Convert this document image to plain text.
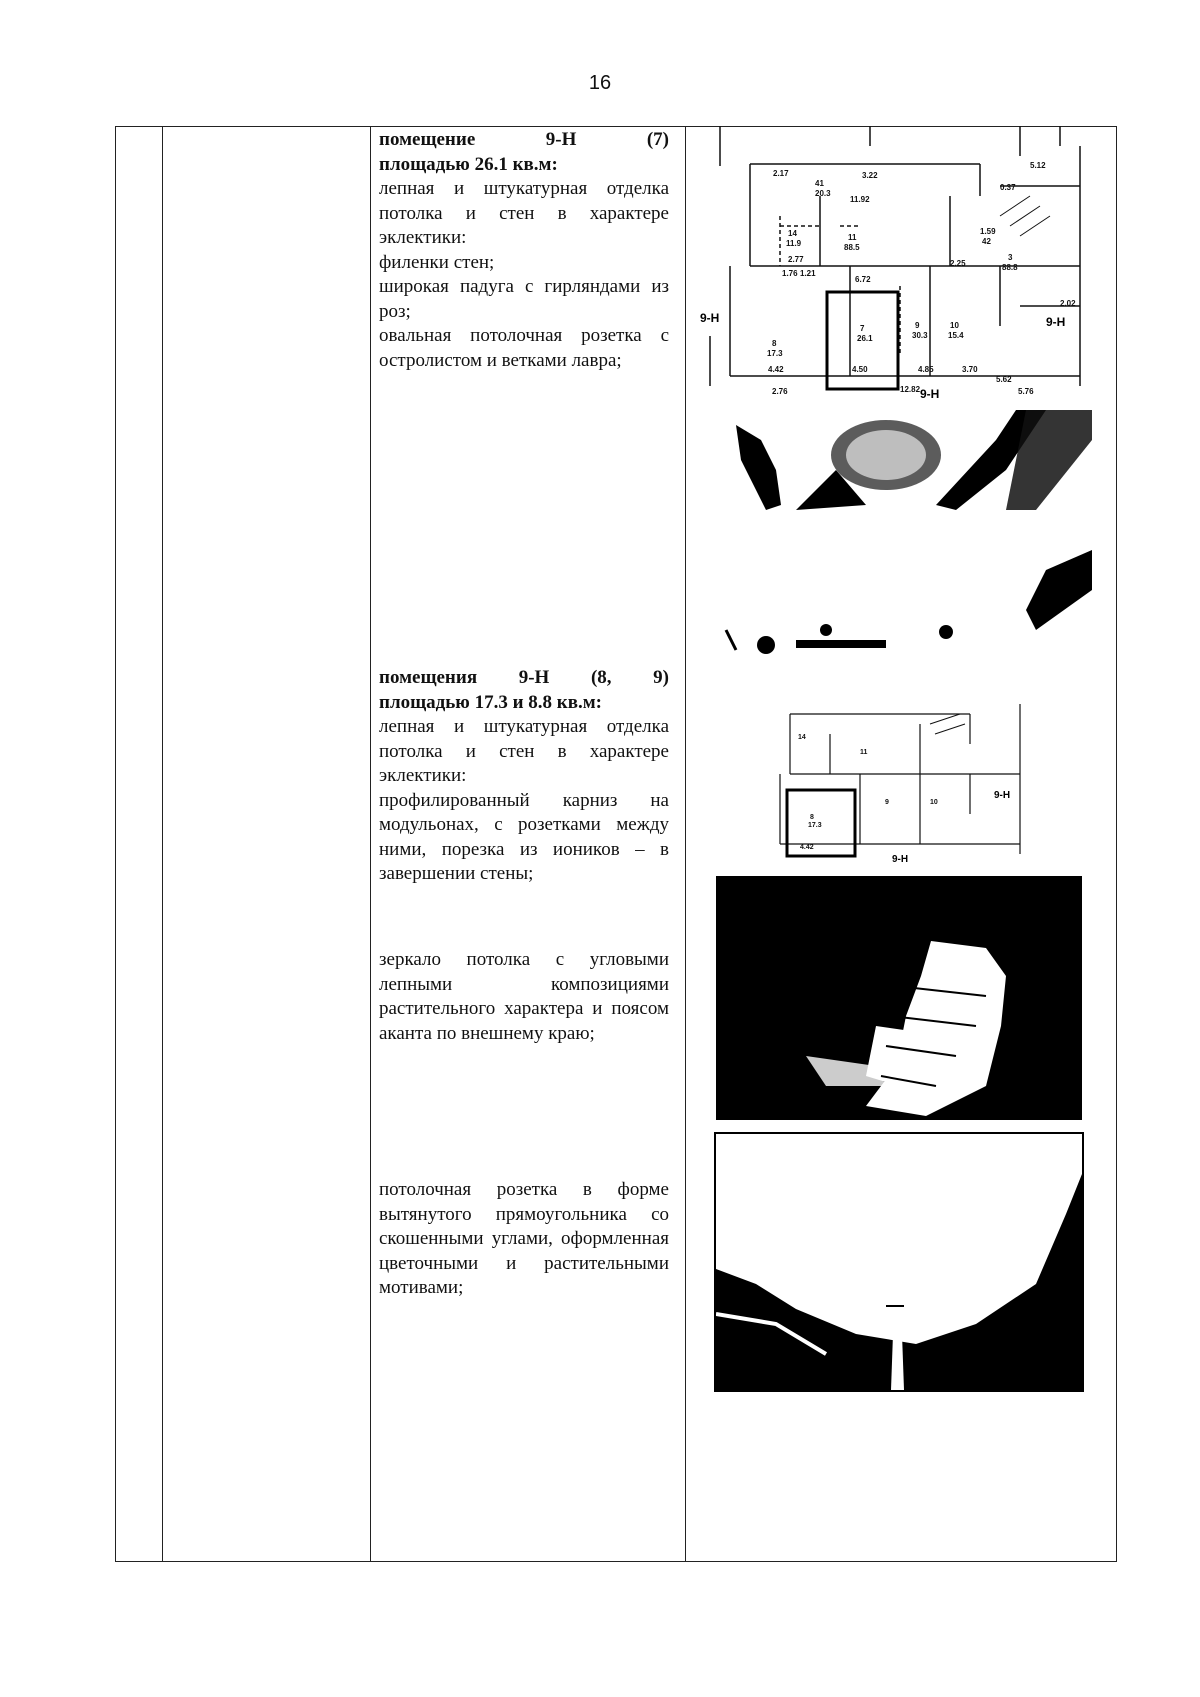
16

помещение 9-Н (7)

площадью 26.1 кв.м:

лепная и штукатурная отделка потолка и стен в характере эклектики:

филенки стен;

широкая падуга с гирляндами из роз;

овальная потолочная розетка с остролистом и ветками лавра;

помещения 9-Н (8, 9)

площадью 17.3 и 8.8 кв.м:

лепная и штукатурная отделка потолка и стен в характере эклектики:

профилированный карниз на модульонах, с розетками между ними, порезка из иоников – в завершении стены;

зеркало потолка с угловыми лепными композициями растительного характера и поясом аканта по внешнему краю;

потолочная розетка в форме вытянутого прямоугольника со скошенными углами, оформленная цветочными и растительными мотивами;

2.17	3.22
5.12
0.37
41
20.3
11.92
14
11.9
11
88.5
1.59
42
3
88.8
2.77
1.76 1.21
6.72
2.02
2.25
7
26.1
8
17.3
9
30.3
10
15.4
4.42	4.50	4.85	3.70
5.62
12.82	5.76
2.76
9-Н
9-Н
9-Н
14
11
8
17.3
9	10
4.42
9-Н
9-Н
